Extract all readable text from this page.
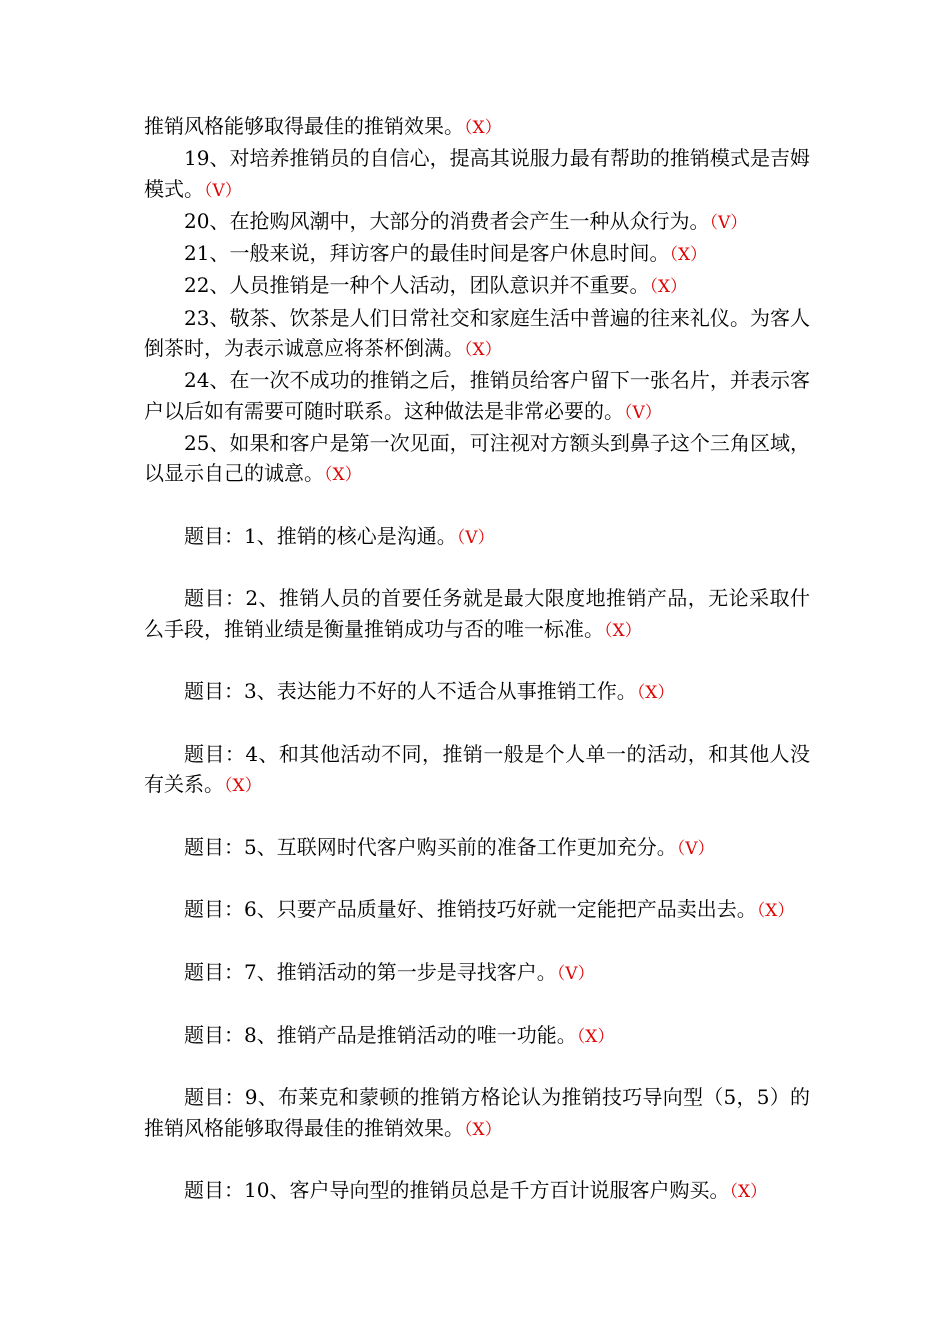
推销风格能够取得最佳的推销效果。（X）

19、对培养推销员的自信心，提高其说服力最有帮助的推销模式是吉姆模式。（V）

20、在抢购风潮中，大部分的消费者会产生一种从众行为。（V）

21、一般来说，拜访客户的最佳时间是客户休息时间。（X）

22、人员推销是一种个人活动，团队意识并不重要。（X）

23、敬茶、饮茶是人们日常社交和家庭生活中普遍的往来礼仪。为客人倒茶时，为表示诚意应将茶杯倒满。（X）

24、在一次不成功的推销之后，推销员给客户留下一张名片，并表示客户以后如有需要可随时联系。这种做法是非常必要的。（V）

25、如果和客户是第一次见面，可注视对方额头到鼻子这个三角区域，以显示自己的诚意。（X）

题目：1、推销的核心是沟通。（V）

题目：2、推销人员的首要任务就是最大限度地推销产品，无论采取什么手段，推销业绩是衡量推销成功与否的唯一标准。（X）

题目：3、表达能力不好的人不适合从事推销工作。（X）

题目：4、和其他活动不同，推销一般是个人单一的活动，和其他人没有关系。（X）

题目：5、互联网时代客户购买前的准备工作更加充分。（V）

题目：6、只要产品质量好、推销技巧好就一定能把产品卖出去。（X）

题目：7、推销活动的第一步是寻找客户。（V）

题目：8、推销产品是推销活动的唯一功能。（X）

题目：9、布莱克和蒙顿的推销方格论认为推销技巧导向型（5，5）的推销风格能够取得最佳的推销效果。（X）

题目：10、客户导向型的推销员总是千方百计说服客户购买。（X）
